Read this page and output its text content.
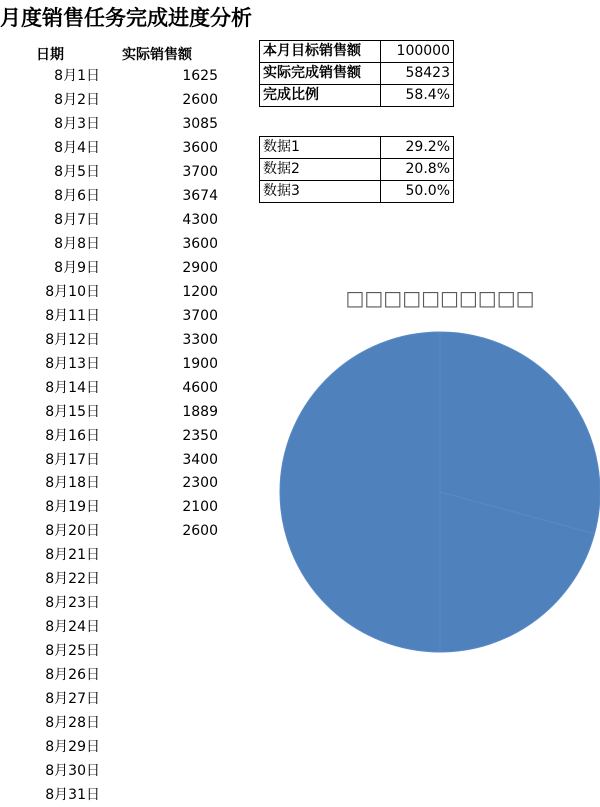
月度销售任务完成进度分析
日期	实际销售额
8月1日	1625
8月2日	2600
8月3日	3085
8月4日	3600
8月5日	3700
8月6日	3674
8月7日	4300
8月8日	3600
8月9日	2900
8月10日	1200
8月11日	3700
8月12日	3300
8月13日	1900
8月14日	4600
8月15日	1889
8月16日	2350
8月17日	3400
8月18日	2300
8月19日	2100
8月20日	2600
8月21日
8月22日
8月23日
8月24日
8月25日
8月26日
8月27日
8月28日
8月29日
8月30日
8月31日
本月目标销售额	100000
实际完成销售额	58423
完成比例	58.4%
数据1	29.2%
数据2	20.8%
数据3	50.0%
□□□□□□□□□□
